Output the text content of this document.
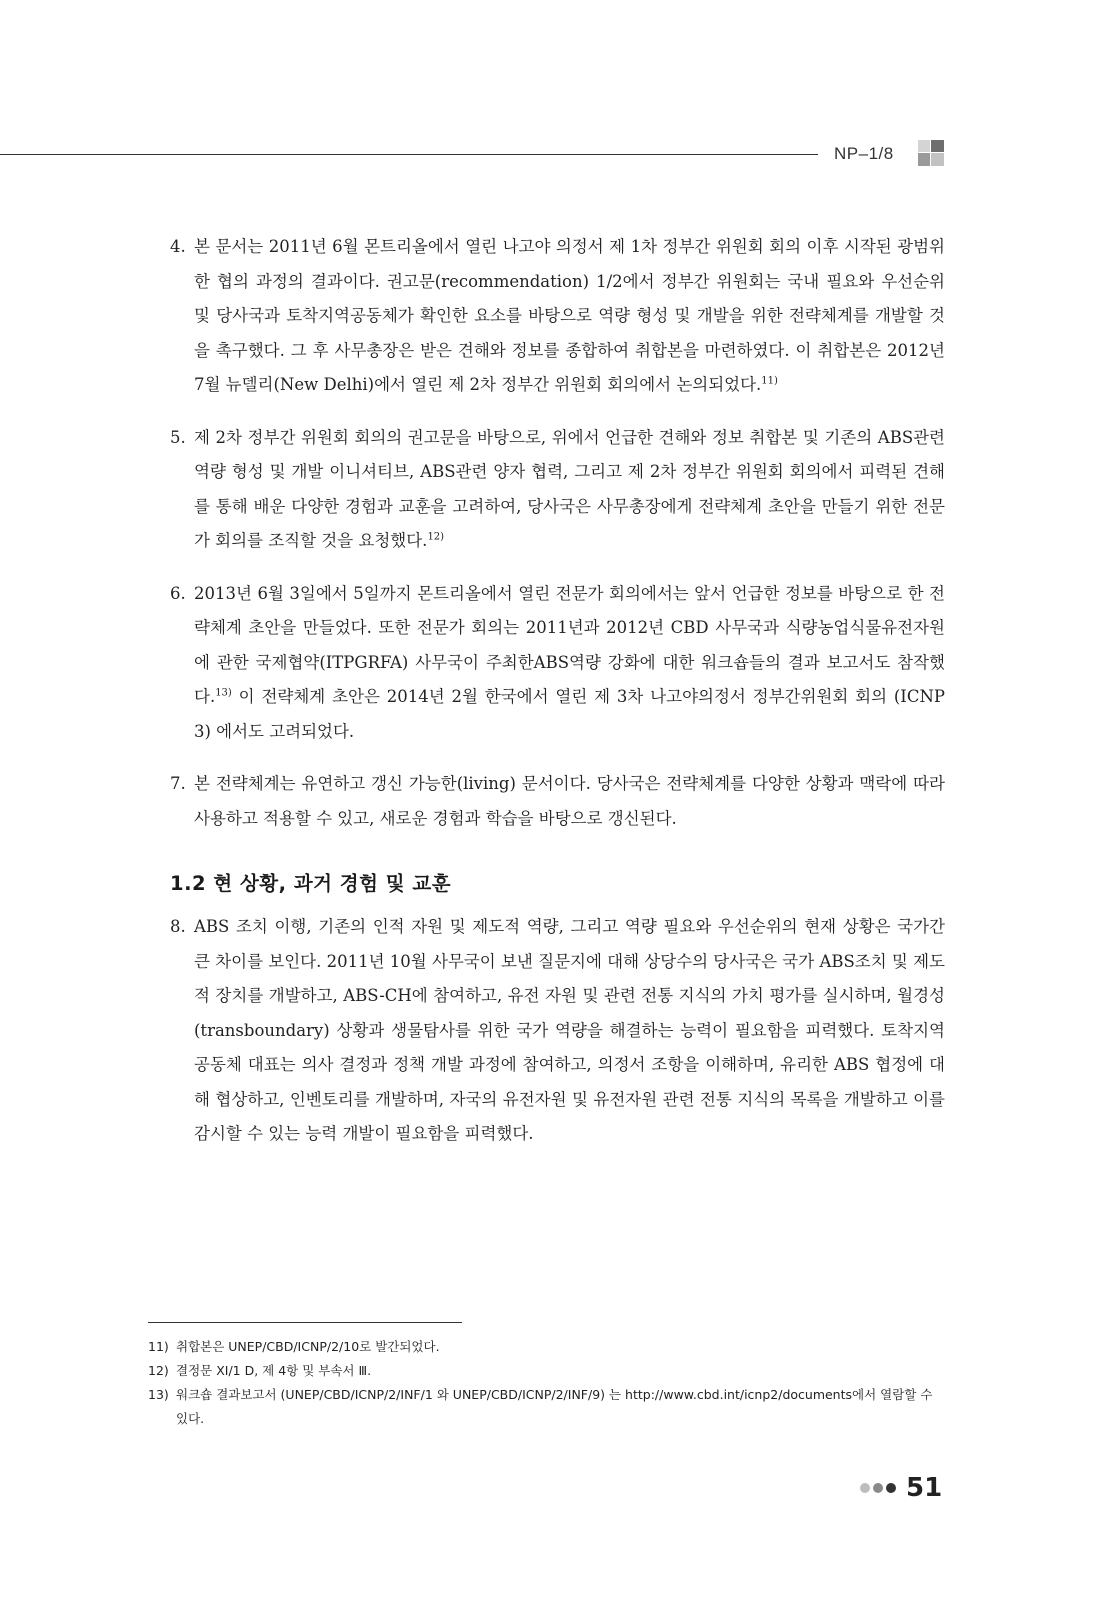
NP–1/8

4. 본 문서는 2011년 6월 몬트리올에서 열린 나고야 의정서 제 1차 정부간 위원회 회의 이후 시작된 광범위한 협의 과정의 결과이다. 권고문(recommendation) 1/2에서 정부간 위원회는 국내 필요와 우선순위 및 당사국과 토착지역공동체가 확인한 요소를 바탕으로 역량 형성 및 개발을 위한 전략체계를 개발할 것을 촉구했다. 그 후 사무총장은 받은 견해와 정보를 종합하여 취합본을 마련하였다. 이 취합본은 2012년 7월 뉴델리(New Delhi)에서 열린 제 2차 정부간 위원회 회의에서 논의되었다.$^{11)}$

5. 제 2차 정부간 위원회 회의의 권고문을 바탕으로, 위에서 언급한 견해와 정보 취합본 및 기존의 ABS관련 역량 형성 및 개발 이니셔티브, ABS관련 양자 협력, 그리고 제 2차 정부간 위원회 회의에서 피력된 견해를 통해 배운 다양한 경험과 교훈을 고려하여, 당사국은 사무총장에게 전략체계 초안을 만들기 위한 전문가 회의를 조직할 것을 요청했다.$^{12)}$

6. 2013년 6월 3일에서 5일까지 몬트리올에서 열린 전문가 회의에서는 앞서 언급한 정보를 바탕으로 한 전략체계 초안을 만들었다. 또한 전문가 회의는 2011년과 2012년 CBD 사무국과 식량농업식물유전자원에 관한 국제협약(ITPGRFA) 사무국이 주최한ABS역량 강화에 대한 워크숍들의 결과 보고서도 참작했다.$^{13)}$ 이 전략체계 초안은 2014년 2월 한국에서 열린 제 3차 나고야의정서 정부간위원회 회의 (ICNP 3) 에서도 고려되었다.

7. 본 전략체계는 유연하고 갱신 가능한(living) 문서이다. 당사국은 전략체계를 다양한 상황과 맥락에 따라 사용하고 적용할 수 있고, 새로운 경험과 학습을 바탕으로 갱신된다.

1.2 현 상황, 과거 경험 및 교훈

8. ABS 조치 이행, 기존의 인적 자원 및 제도적 역량, 그리고 역량 필요와 우선순위의 현재 상황은 국가간 큰 차이를 보인다. 2011년 10월 사무국이 보낸 질문지에 대해 상당수의 당사국은 국가 ABS조치 및 제도적 장치를 개발하고, ABS-CH에 참여하고, 유전 자원 및 관련 전통 지식의 가치 평가를 실시하며, 월경성(transboundary) 상황과 생물탐사를 위한 국가 역량을 해결하는 능력이 필요함을 피력했다. 토착지역공동체 대표는 의사 결정과 정책 개발 과정에 참여하고, 의정서 조항을 이해하며, 유리한 ABS 협정에 대해 협상하고, 인벤토리를 개발하며, 자국의 유전자원 및 유전자원 관련 전통 지식의 목록을 개발하고 이를 감시할 수 있는 능력 개발이 필요함을 피력했다.

11) 취합본은 UNEP/CBD/ICNP/2/10로 발간되었다.
12) 결정문 XI/1 D, 제 4항 및 부속서 Ⅲ.
13) 워크숍 결과보고서 (UNEP/CBD/ICNP/2/INF/1 와 UNEP/CBD/ICNP/2/INF/9) 는 http://www.cbd.int/icnp2/documents에서 열람할 수 있다.
51
